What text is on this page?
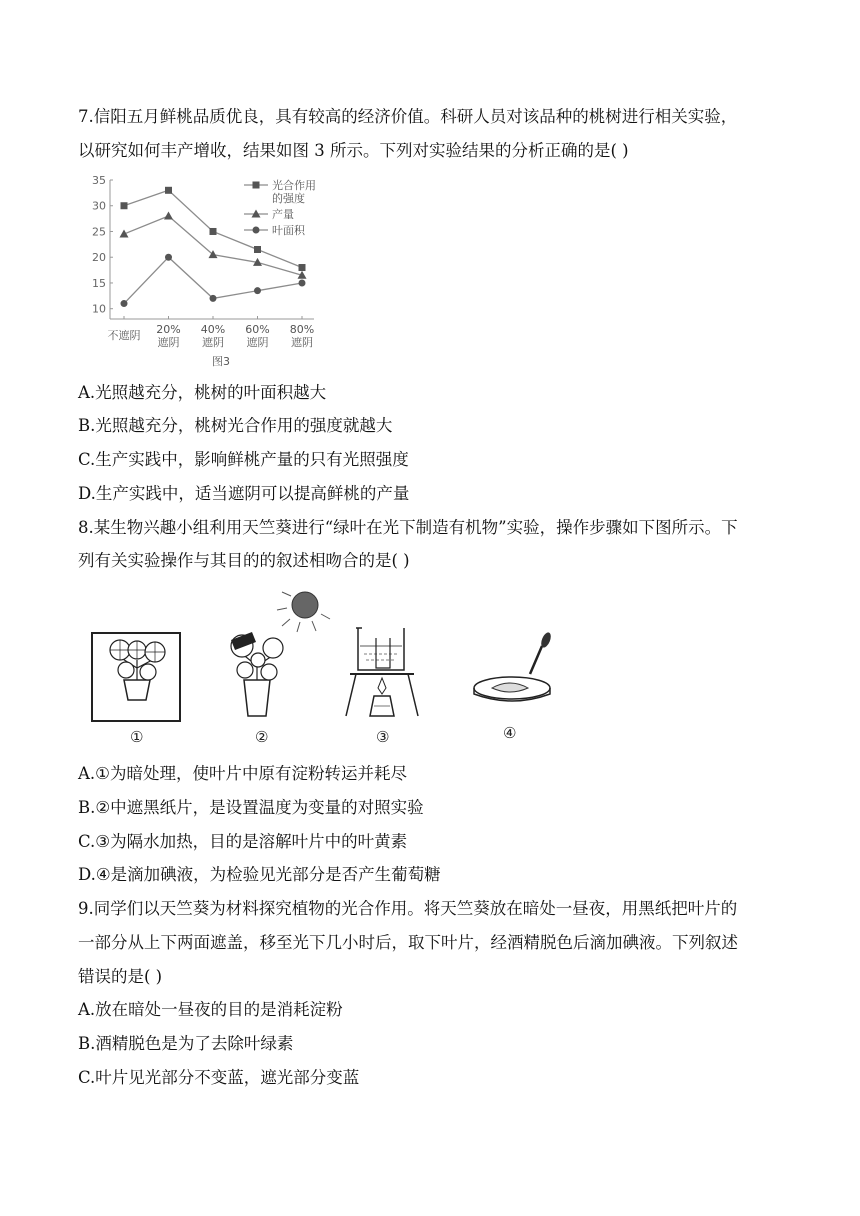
7.信阳五月鲜桃品质优良，具有较高的经济价值。科研人员对该品种的桃树进行相关实验，
以研究如何丰产增收，结果如图 3 所示。下列对实验结果的分析正确的是( )
35
30
25
20
15
10
不遮阴 20%
遮阴
40%
遮阴
60%
遮阴
80%
遮阴
光合作用
的强度
产量
叶面积
图3
A.光照越充分，桃树的叶面积越大
B.光照越充分，桃树光合作用的强度就越大
C.生产实践中，影响鲜桃产量的只有光照强度
D.生产实践中，适当遮阴可以提高鲜桃的产量
8.某生物兴趣小组利用天竺葵进行“绿叶在光下制造有机物”实验，操作步骤如下图所示。下
列有关实验操作与其目的的叙述相吻合的是( )
①	②	③	④
A.①为暗处理，使叶片中原有淀粉转运并耗尽
B.②中遮黑纸片，是设置温度为变量的对照实验
C.③为隔水加热，目的是溶解叶片中的叶黄素
D.④是滴加碘液，为检验见光部分是否产生葡萄糖
9.同学们以天竺葵为材料探究植物的光合作用。将天竺葵放在暗处一昼夜，用黑纸把叶片的
一部分从上下两面遮盖，移至光下几小时后，取下叶片，经酒精脱色后滴加碘液。下列叙述
错误的是( )
A.放在暗处一昼夜的目的是消耗淀粉
B.酒精脱色是为了去除叶绿素
C.叶片见光部分不变蓝，遮光部分变蓝
